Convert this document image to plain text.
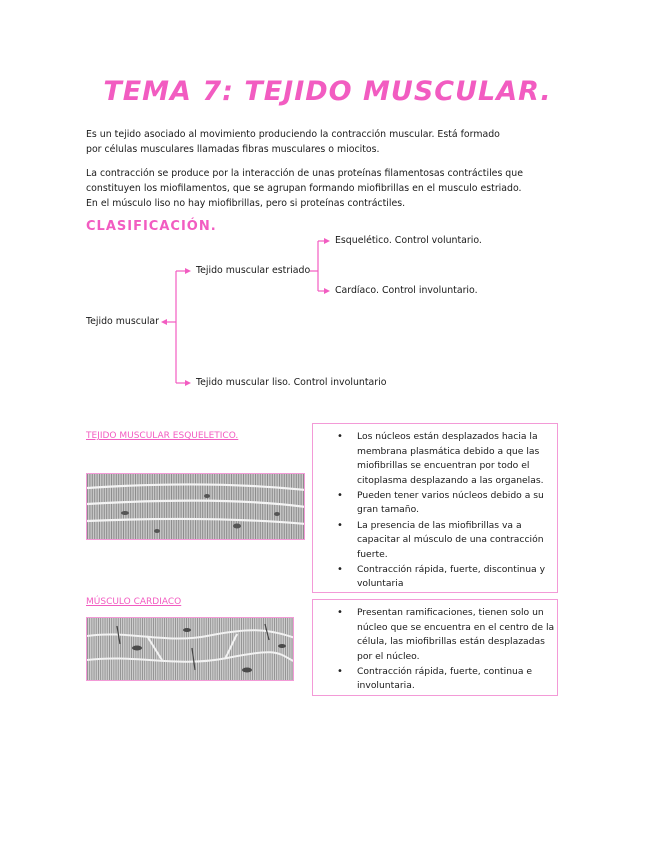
TEMA 7: TEJIDO MUSCULAR.
Es un tejido asociado al movimiento produciendo la contracción muscular. Está formado por células musculares llamadas fibras musculares o miocitos.
La contracción se produce por la interacción de unas proteínas filamentosas contráctiles que
constituyen los miofilamentos, que se agrupan formando miofibrillas en el musculo estriado.
En el músculo liso no hay miofibrillas, pero si proteínas contráctiles.
CLASIFICACIÓN.
Tejido muscular
Tejido muscular estriado
Esquelético. Control voluntario.
Cardíaco. Control involuntario.
Tejido muscular liso. Control involuntario
TEJIDO MUSCULAR ESQUELETICO.
•	Los núcleos están desplazados hacia la membrana plasmática debido a que las miofibrillas se encuentran por todo el citoplasma desplazando a las organelas.
• Pueden tener varios núcleos debido a su gran tamaño.
• La presencia de las miofibrillas va a capacitar al músculo de una contracción fuerte.
• Contracción rápida, fuerte, discontinua y voluntaria
MÚSCULO CARDIACO
• Presentan ramificaciones, tienen solo un núcleo que se encuentra en el centro de la célula, las miofibrillas están desplazadas por el núcleo.
• Contracción rápida, fuerte, continua e involuntaria.
